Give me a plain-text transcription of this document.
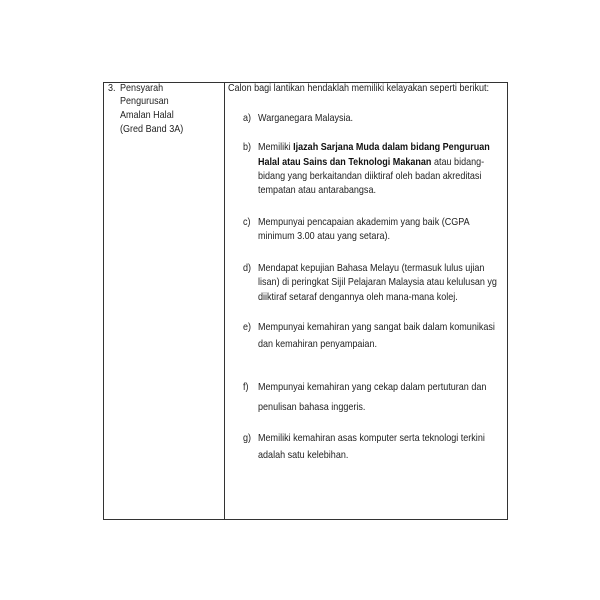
3. Pensyarah
Pengurusan
Amalan Halal
(Gred Band 3A)
Calon bagi lantikan hendaklah memiliki kelayakan seperti berikut:
a) Warganegara Malaysia.
b) Memiliki Ijazah Sarjana Muda dalam bidang Penguruan
Halal atau Sains dan Teknologi Makanan atau bidang-
bidang yang berkaitandan diiktiraf oleh badan akreditasi
tempatan atau antarabangsa.
c) Mempunyai pencapaian akademim yang baik (CGPA
minimum 3.00 atau yang setara).
d) Mendapat kepujian Bahasa Melayu (termasuk lulus ujian
lisan) di peringkat Sijil Pelajaran Malaysia atau kelulusan yg
diiktiraf setaraf dengannya oleh mana-mana kolej.
e) Mempunyai kemahiran yang sangat baik dalam komunikasi
dan kemahiran penyampaian.
f) Mempunyai kemahiran yang cekap dalam pertuturan dan
penulisan bahasa inggeris.
g) Memiliki kemahiran asas komputer serta teknologi terkini
adalah satu kelebihan.
